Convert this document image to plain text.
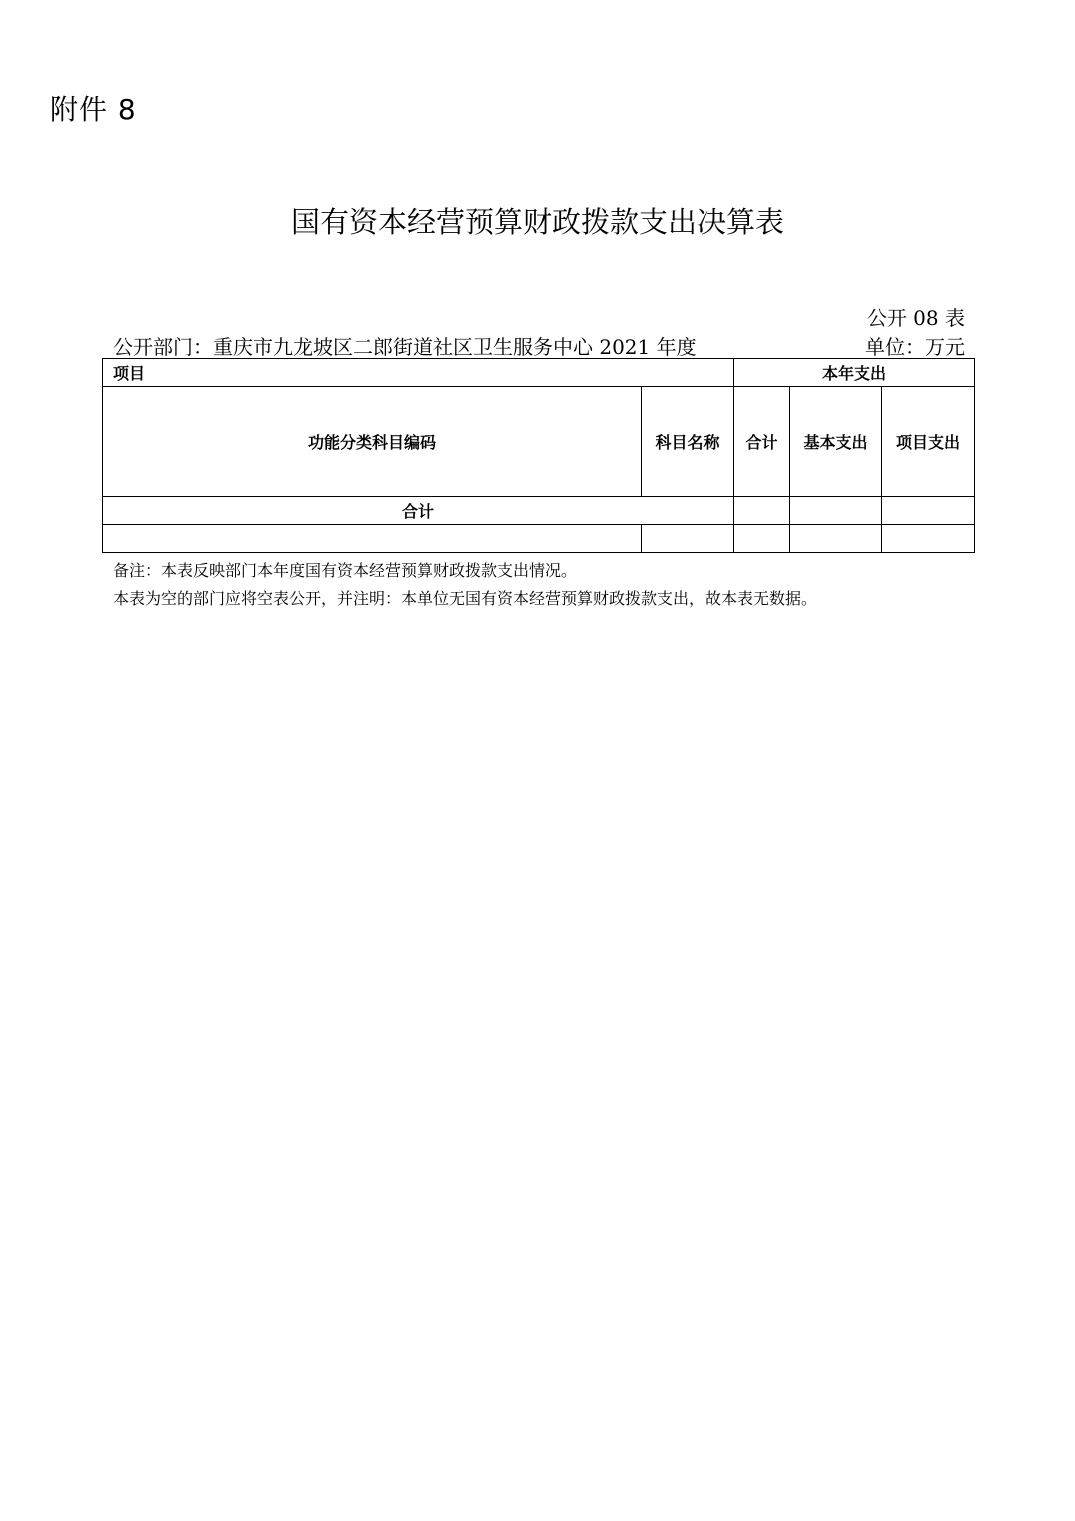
附件 8
国有资本经营预算财政拨款支出决算表
公开 08 表
公开部门：重庆市九龙坡区二郎街道社区卫生服务中心 2021 年度	单位：万元
项目		本年支出		
功能分类科目编码	科目名称	合计	基本支出	项目支出
合计				

备注：本表反映部门本年度国有资本经营预算财政拨款支出情况。
本表为空的部门应将空表公开，并注明：本单位无国有资本经营预算财政拨款支出，故本表无数据。
